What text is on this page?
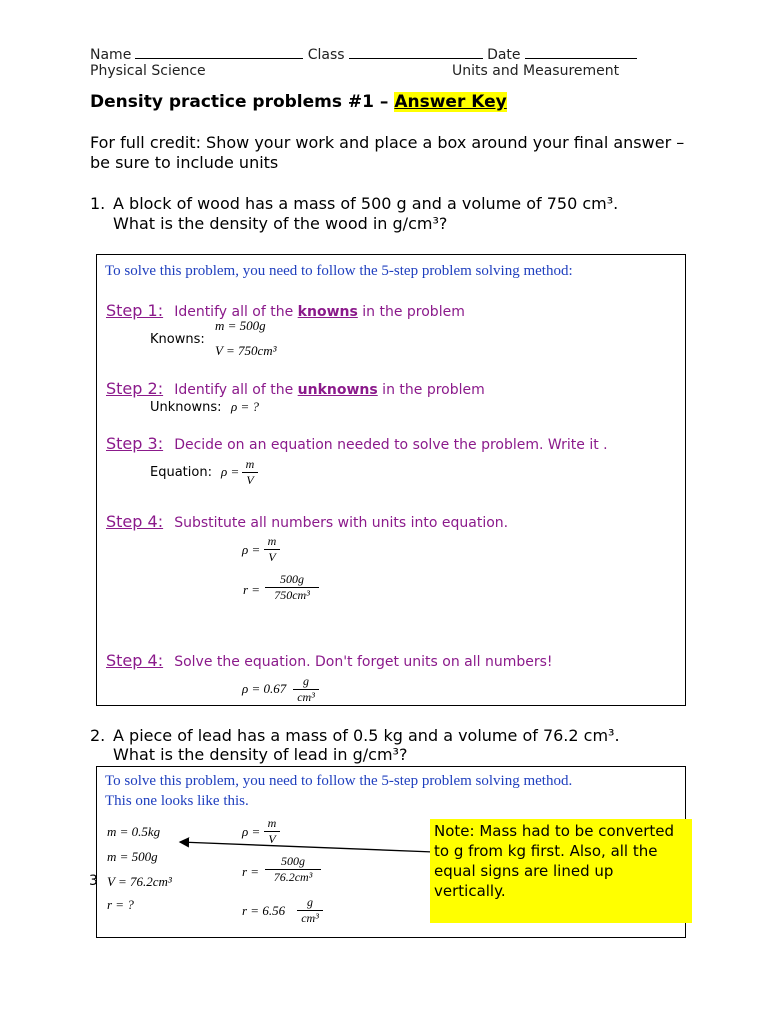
Name	Class	Date
Physical Science	Units and Measurement
Density practice problems #1 – Answer Key
For full credit: Show your work and place a box around your final answer – be sure to include units
1. A block of wood has a mass of 500 g and a volume of 750 cm³.
What is the density of the wood in g/cm³?
To solve this problem, you need to follow the 5-step problem solving method:
Step 1: Identify all of the knowns in the problem
Knowns:
m = 500g
V = 750cm³
Step 2: Identify all of the unknowns in the problem
Unknowns: ρ = ?
Step 3: Decide on an equation needed to solve the problem. Write it .
Equation: $\rho = \frac{m}{V}$
Step 4: Substitute all numbers with units into equation.
$\rho = \frac{m}{V}$
$r = \frac{500g}{\text{750cm³}}$
Step 4: Solve the equation. Don't forget units on all numbers!
$\rho = 0.67 \frac{g}{\text{cm³}}$
2. A piece of lead has a mass of 0.5 kg and a volume of 76.2 cm³.
What is the density of lead in g/cm³?
To solve this problem, you need to follow the 5-step problem solving method.
This one looks like this.
m = 0.5kg
m = 500g
V = 76.2cm³
r = ?
3
$\rho = \frac{m}{V}$
$r = \frac{500g}{\text{76.2cm³}}$
$r = 6.56 \frac{g}{\text{cm³}}$
Note: Mass had to be converted to g from kg first. Also, all the equal signs are lined up vertically.
